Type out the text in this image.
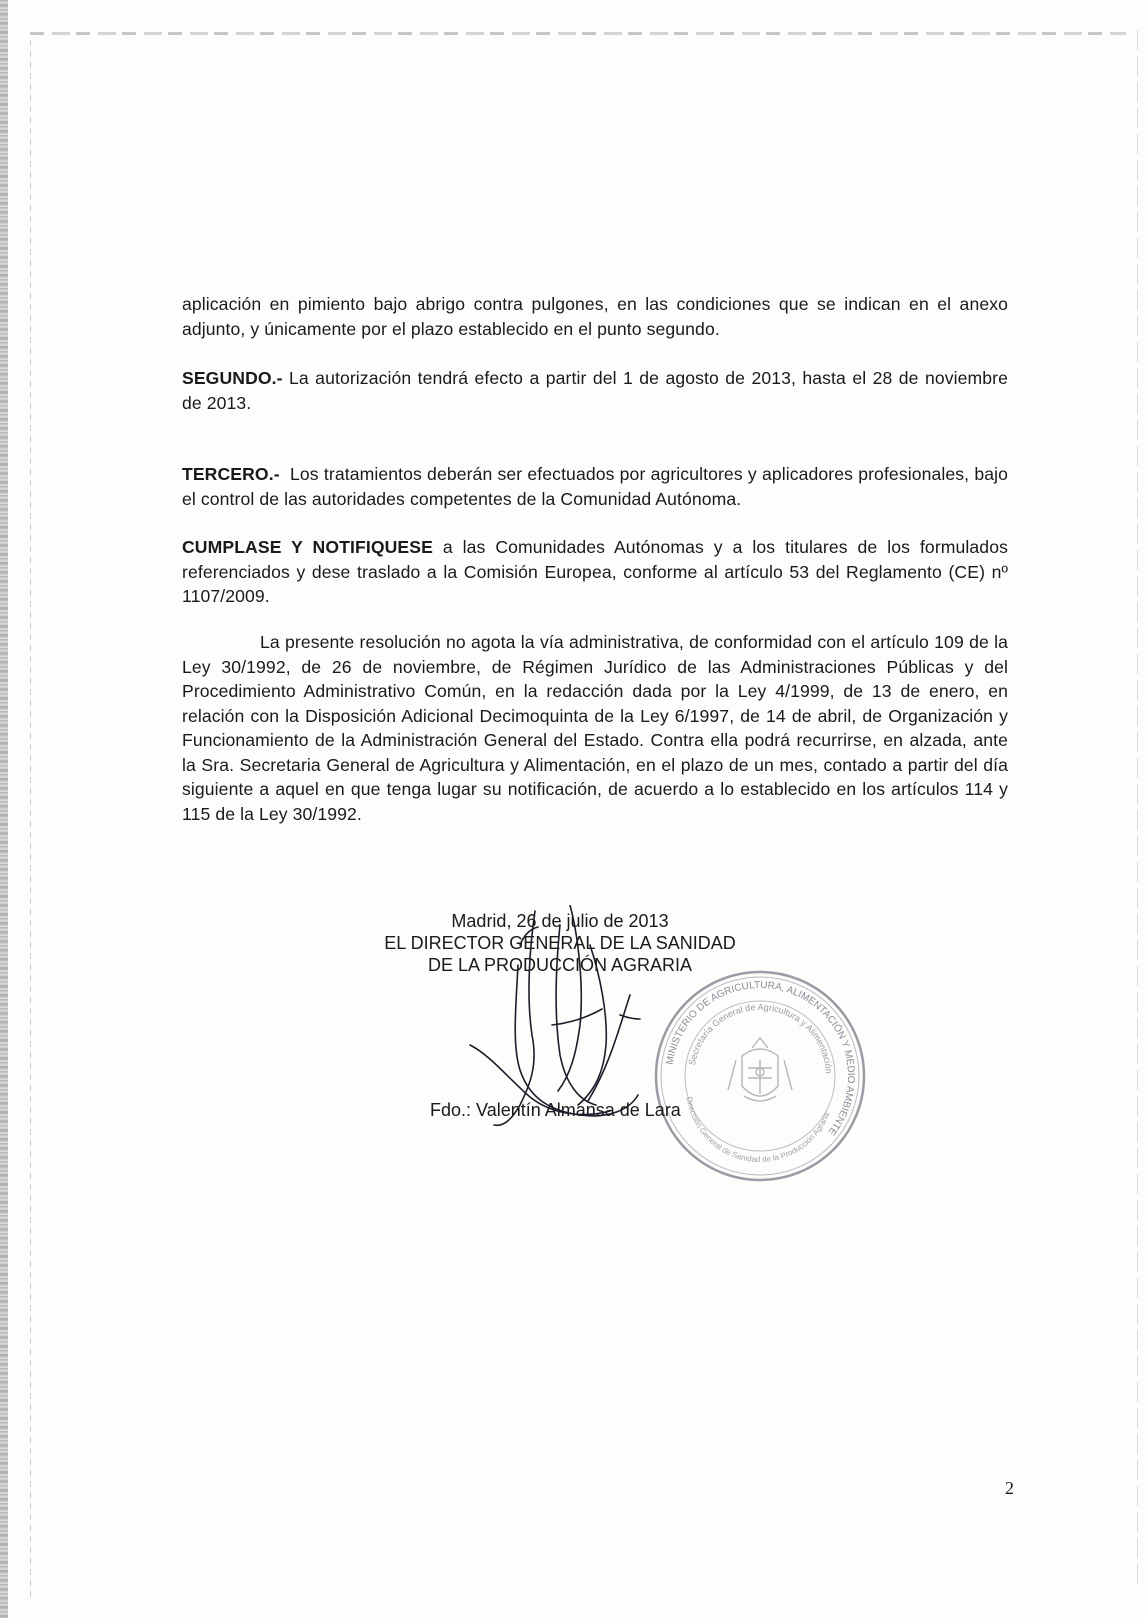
aplicación en pimiento bajo abrigo contra pulgones, en las condiciones que se indican en el anexo adjunto, y únicamente por el plazo establecido en el punto segundo.

SEGUNDO.- La autorización tendrá efecto a partir del 1 de agosto de 2013, hasta el 28 de noviembre de 2013.

TERCERO.- Los tratamientos deberán ser efectuados por agricultores y aplicadores profesionales, bajo el control de las autoridades competentes de la Comunidad Autónoma.

CUMPLASE Y NOTIFIQUESE a las Comunidades Autónomas y a los titulares de los formulados referenciados y dese traslado a la Comisión Europea, conforme al artículo 53 del Reglamento (CE) nº 1107/2009.

La presente resolución no agota la vía administrativa, de conformidad con el artículo 109 de la Ley 30/1992, de 26 de noviembre, de Régimen Jurídico de las Administraciones Públicas y del Procedimiento Administrativo Común, en la redacción dada por la Ley 4/1999, de 13 de enero, en relación con la Disposición Adicional Decimoquinta de la Ley 6/1997, de 14 de abril, de Organización y Funcionamiento de la Administración General del Estado. Contra ella podrá recurrirse, en alzada, ante la Sra. Secretaria General de Agricultura y Alimentación, en el plazo de un mes, contado a partir del día siguiente a aquel en que tenga lugar su notificación, de acuerdo a lo establecido en los artículos 114 y 115 de la Ley 30/1992.

MINISTERIO DE AGRICULTURA, ALIMENTACIÓN Y MEDIO AMBIENTE
Secretaría General de Agricultura y Alimentación
Dirección General de Sanidad de la Producción Agraria
Madrid, 26 de julio de 2013
EL DIRECTOR GENERAL DE LA SANIDAD
DE LA PRODUCCIÓN AGRARIA
Fdo.: Valentín Almansa de Lara
2
